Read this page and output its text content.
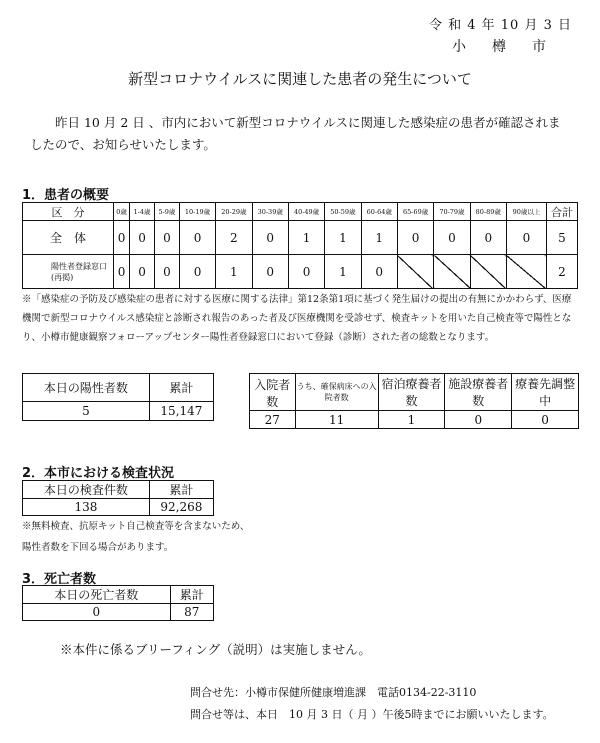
令 和 4 年 10 月 3 日
小樽市
新型コロナウイルスに関連した患者の発生について
昨日 10 月 2 日 、市内において新型コロナウイルスに関連した感染症の患者が確認されましたので、お知らせいたします。
1．患者の概要
区　分	0歳	1-4歳	5-9歳	10-19歳	20-29歳	30-39歳	40-49歳	50-59歳	60-64歳	65-69歳	70-79歳	80-89歳	90歳以上	合計
全　体	0	0	0	0	2	0	1	1	1	0	0	0	0	5
陽性者登録窓口(再掲)	0	0	0	0	1	0	0	1	0					2
※「感染症の予防及び感染症の患者に対する医療に関する法律」第12条第1項に基づく発生届けの提出の有無にかかわらず、医療機関で新型コロナウイルス感染症と診断され報告のあった者及び医療機関を受診せず、検査キットを用いた自己検査等で陽性となり、小樽市健康観察フォローアップセンター陽性者登録窓口において登録（診断）された者の総数となります。
本日の陽性者数	累計
5	15,147
入院者数	うち、確保病床への入院者数	宿泊療養者数	施設療養者数	療養先調整中
27	11	1	0	0
2．本市における検査状況
本日の検査件数	累計
138	92,268
※無料検査、抗原キット自己検査等を含まないため、陽性者数を下回る場合があります。
3．死亡者数
本日の死亡者数	累計
0	87
※本件に係るブリーフィング（説明）は実施しません。
問合せ先：小樽市保健所健康増進課　電話0134-22-3110
問合せ等は、本日　10 月 3 日（ 月 ）午後5時までにお願いいたします。
